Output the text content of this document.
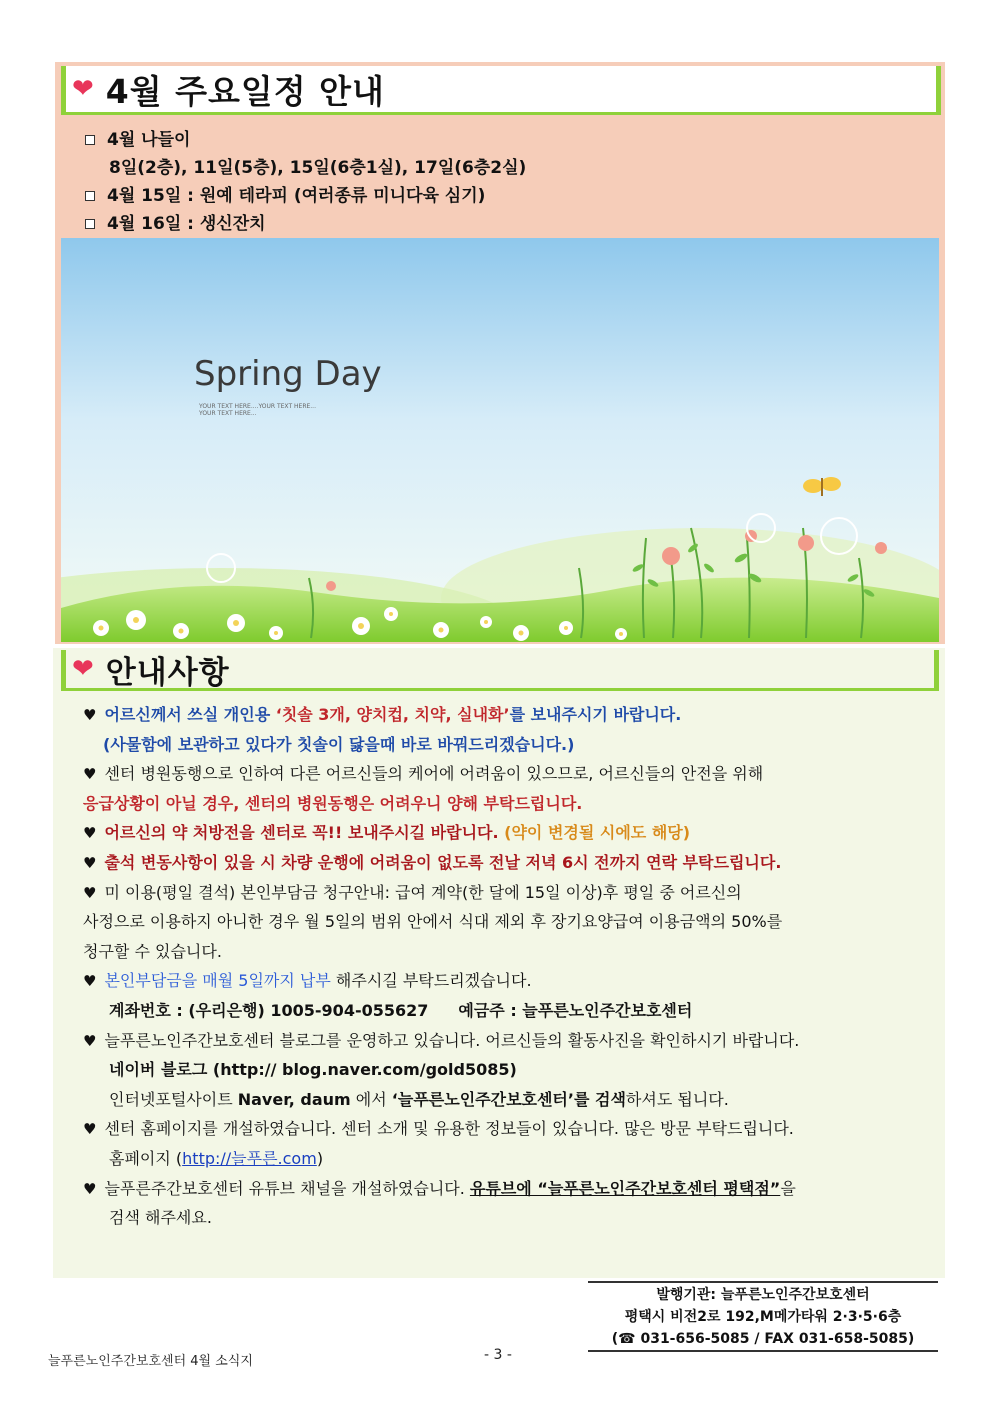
❤ 4월 주요일정 안내
4월 나들이
8일(2층), 11일(5층), 15일(6층1실), 17일(6층2실)
4월 15일 : 원예 테라피 (여러종류 미니다육 심기)
4월 16일 : 생신잔치
Spring Day
YOUR TEXT HERE....YOUR TEXT HERE...
YOUR TEXT HERE...
❤ 안내사항
♥ 어르신께서 쓰실 개인용 ‘칫솔 3개, 양치컵, 치약, 실내화’를 보내주시기 바랍니다.
(사물함에 보관하고 있다가 칫솔이 닳을때 바로 바꿔드리겠습니다.)
♥ 센터 병원동행으로 인하여 다른 어르신들의 케어에 어려움이 있으므로, 어르신들의 안전을 위해
응급상황이 아닐 경우, 센터의 병원동행은 어려우니 양해 부탁드립니다.
♥ 어르신의 약 처방전을 센터로 꼭!! 보내주시길 바랍니다. (약이 변경될 시에도 해당)
♥ 출석 변동사항이 있을 시 차량 운행에 어려움이 없도록 전날 저녁 6시 전까지 연락 부탁드립니다.
♥ 미 이용(평일 결석) 본인부담금 청구안내: 급여 계약(한 달에 15일 이상)후 평일 중 어르신의
사정으로 이용하지 아니한 경우 월 5일의 범위 안에서 식대 제외 후 장기요양급여 이용금액의 50%를
청구할 수 있습니다.
♥ 본인부담금을 매월 5일까지 납부 해주시길 부탁드리겠습니다.
계좌번호 : (우리은행) 1005-904-055627 예금주 : 늘푸른노인주간보호센터
♥ 늘푸른노인주간보호센터 블로그를 운영하고 있습니다. 어르신들의 활동사진을 확인하시기 바랍니다.
네이버 블로그 (http:// blog.naver.com/gold5085)
인터넷포털사이트 Naver, daum 에서 ‘늘푸른노인주간보호센터’를 검색하셔도 됩니다.
♥ 센터 홈페이지를 개설하였습니다. 센터 소개 및 유용한 정보들이 있습니다. 많은 방문 부탁드립니다.
홈페이지 (http://늘푸른.com)
♥ 늘푸른주간보호센터 유튜브 채널을 개설하였습니다. 유튜브에 “늘푸른노인주간보호센터 평택점”을
검색 해주세요.
발행기관: 늘푸른노인주간보호센터
평택시 비전2로 192,M메가타워 2·3·5·6층
(☎ 031-656-5085 / FAX 031-658-5085)
늘푸른노인주간보호센터 4월 소식지	- 3 -
